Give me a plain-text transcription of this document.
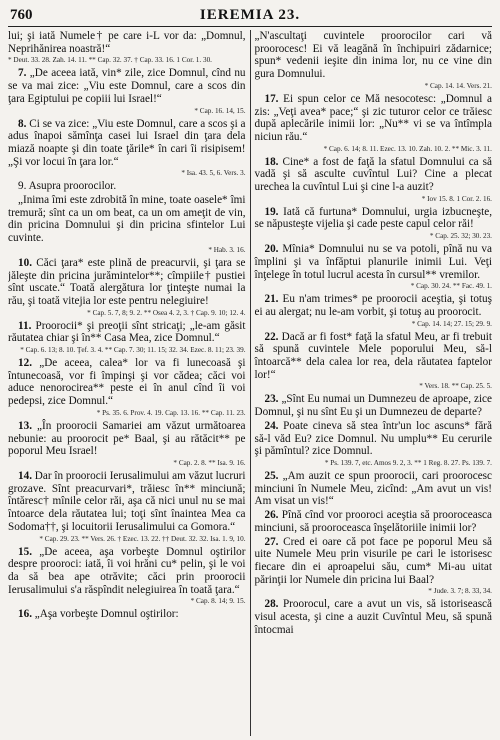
760	IEREMIA 23.

lui; şi iată Numele† pe care i-L vor da: „Domnul, Neprihănirea noastră!“

* Deut. 33. 28. Zah. 14. 11. ** Cap. 32. 37. † Cap. 33. 16. 1 Cor. 1. 30.

7. „De aceea iată, vin* zile, zice Domnul, cînd nu se va mai zice: „Viu este Domnul, care a scos din ţara Egiptului pe copiii lui Israel!“

* Cap. 16. 14, 15.

8. Ci se va zice: „Viu este Domnul, care a scos şi a adus înapoi sămînţa casei lui Israel din ţara dela miază noapte şi din toate ţările* în cari îi risipisem! „Şi vor locui în ţara lor.“

* Isa. 43. 5, 6. Vers. 3.

9. Asupra proorocilor.

„Inima îmi este zdrobită în mine, toate oasele* îmi tremură; sînt ca un om beat, ca un om ameţit de vin, din pricina Domnului şi din pricina sfintelor Lui cuvinte.

* Hab. 3. 16.

10. Căci ţara* este plină de preacurvii, şi ţara se jăleşte din pricina jurămintelor**; cîmpiile† pustiei sînt uscate.“ Toată alergătura lor ţinteşte numai la rău, şi toată vitejia lor este pentru nelegiuire!

* Cap. 5. 7, 8; 9. 2. ** Osea 4. 2, 3. † Cap. 9. 10; 12. 4.

11. Proorocii* şi preoţii sînt stricaţi; „le-am găsit răutatea chiar şi în** Casa Mea, zice Domnul.“

* Cap. 6. 13; 8. 10. Ţef. 3. 4. ** Cap. 7. 30; 11. 15; 32. 34. Ezec. 8. 11; 23. 39.

12. „De aceea, calea* lor va fi lunecoasă şi întunecoasă, vor fi împinşi şi vor cădea; căci voi aduce nenorocirea** peste ei în anul cînd îi voi pedepsi, zice Domnul.“

* Ps. 35. 6. Prov. 4. 19. Cap. 13. 16. ** Cap. 11. 23.

13. „În proorocii Samariei am văzut următoarea nebunie: au proorocit pe* Baal, şi au rătăcit** pe poporul Meu Israel!

* Cap. 2. 8. ** Isa. 9. 16.

14. Dar în proorocii Ierusalimului am văzut lucruri grozave. Sînt preacurvari*, trăiesc în** minciună; întăresc† mînile celor răi, aşa că nici unul nu se mai întoarce dela răutatea lui; toţi sînt înaintea Mea ca Sodoma††, şi locuitorii Ierusalimului ca Gomora.“

* Cap. 29. 23. ** Vers. 26. † Ezec. 13. 22. †† Deut. 32. 32. Isa. 1. 9, 10.

15. „De aceea, aşa vorbeşte Domnul oştirilor despre prooroci: iată, îi voi hrăni cu* pelin, şi le voi da să bea ape otrăvite; căci prin proorocii Ierusalimului s'a răspîndit nelegiuirea în toată ţara.“

* Cap. 8. 14; 9. 15.

16. „Aşa vorbeşte Domnul oştirilor:

„N'ascultaţi cuvintele proorocilor cari vă proorocesc! Ei vă leagănă în închipuiri zădarnice; spun* vedenii ieşite din inima lor, nu ce vine din gura Domnului.

* Cap. 14. 14. Vers. 21.

17. Ei spun celor ce Mă nesocotesc: „Domnul a zis: „Veţi avea* pace;“ şi zic tuturor celor ce trăiesc după aplecările inimii lor: „Nu** vi se va întîmpla niciun rău.“

* Cap. 6. 14; 8. 11. Ezec. 13. 10. Zah. 10. 2. ** Mic. 3. 11.

18. Cine* a fost de faţă la sfatul Domnului ca să vadă şi să asculte cuvîntul Lui? Cine a plecat urechea la cuvîntul Lui şi cine l-a auzit?

* Iov 15. 8. 1 Cor. 2. 16.

19. Iată că furtuna* Domnului, urgia izbucneşte, se năpusteşte vijelia şi cade peste capul celor răi!

* Cap. 25. 32; 30. 23.

20. Mînia* Domnului nu se va potoli, pînă nu va împlini şi va înfăptui planurile inimii Lui. Veţi înţelege în totul lucrul acesta în cursul** vremilor.

* Cap. 30. 24. ** Fac. 49. 1.

21. Eu n'am trimes* pe proorocii aceştia, şi totuş ei au alergat; nu le-am vorbit, şi totuş au proorocit.

* Cap. 14. 14; 27. 15; 29. 9.

22. Dacă ar fi fost* faţă la sfatul Meu, ar fi trebuit să spună cuvintele Mele poporului Meu, să-l întoarcă** dela calea lor rea, dela răutatea faptelor lor!“

* Vers. 18. ** Cap. 25. 5.

23. „Sînt Eu numai un Dumnezeu de aproape, zice Domnul, şi nu sînt Eu şi un Dumnezeu de departe?

24. Poate cineva să stea într'un loc ascuns* fără să-l văd Eu? zice Domnul. Nu umplu** Eu cerurile şi pămîntul? zice Domnul.

* Ps. 139. 7, etc. Amos 9. 2, 3. ** 1 Reg. 8. 27. Ps. 139. 7.

25. „Am auzit ce spun proorocii, cari proorocesc minciuni în Numele Meu, zicînd: „Am avut un vis! Am visat un vis!“

26. Pînă cînd vor prooroci aceştia să prooroceasca minciuni, să prooroceasca înşelătoriile inimii lor?

27. Cred ei oare că pot face pe poporul Meu să uite Numele Meu prin visurile pe cari le istorisesc fiecare din ei aproapelui său, cum* Mi-au uitat părinţii lor Numele din pricina lui Baal?

* Jude. 3. 7; 8. 33, 34.

28. Proorocul, care a avut un vis, să istorisească visul acesta, şi cine a auzit Cuvîntul Meu, să spună întocmai
